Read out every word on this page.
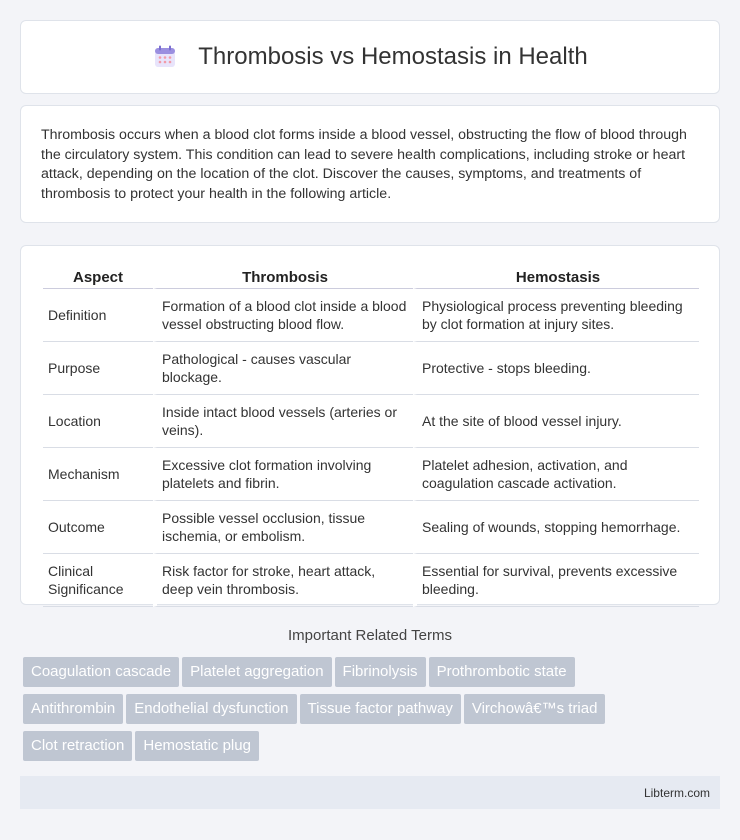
Thrombosis vs Hemostasis in Health

Thrombosis occurs when a blood clot forms inside a blood vessel, obstructing the flow of blood through the circulatory system. This condition can lead to severe health complications, including stroke or heart attack, depending on the location of the clot. Discover the causes, symptoms, and treatments of thrombosis to protect your health in the following article.

Aspect	Thrombosis	Hemostasis
Definition	Formation of a blood clot inside a blood vessel obstructing blood flow.	Physiological process preventing bleeding by clot formation at injury sites.
Purpose	Pathological - causes vascular blockage.	Protective - stops bleeding.
Location	Inside intact blood vessels (arteries or veins).	At the site of blood vessel injury.
Mechanism	Excessive clot formation involving platelets and fibrin.	Platelet adhesion, activation, and coagulation cascade activation.
Outcome	Possible vessel occlusion, tissue ischemia, or embolism.	Sealing of wounds, stopping hemorrhage.
Clinical Significance	Risk factor for stroke, heart attack, deep vein thrombosis.	Essential for survival, prevents excessive bleeding.
Important Related Terms
Coagulation cascade Platelet aggregation Fibrinolysis Prothrombotic state
Antithrombin Endothelial dysfunction Tissue factor pathway Virchowâ€™s triad
Clot retraction Hemostatic plug
Libterm.com
